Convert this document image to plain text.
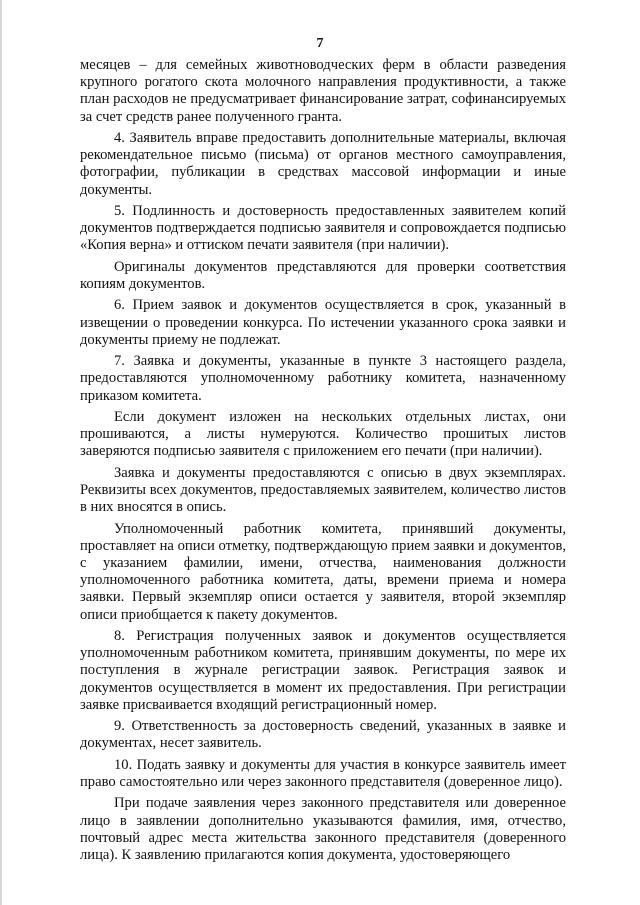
7

месяцев – для семейных животноводческих ферм в области разведения крупного рогатого скота молочного направления продуктивности, а также план расходов не предусматривает финансирование затрат, софинансируемых за счет средств ранее полученного гранта.

4. Заявитель вправе предоставить дополнительные материалы, включая рекомендательное письмо (письма) от органов местного самоуправления, фотографии, публикации в средствах массовой информации и иные документы.

5. Подлинность и достоверность предоставленных заявителем копий документов подтверждается подписью заявителя и сопровождается подписью «Копия верна» и оттиском печати заявителя (при наличии).

Оригиналы документов представляются для проверки соответствия копиям документов.

6. Прием заявок и документов осуществляется в срок, указанный в извещении о проведении конкурса. По истечении указанного срока заявки и документы приему не подлежат.

7. Заявка и документы, указанные в пункте 3 настоящего раздела, предоставляются уполномоченному работнику комитета, назначенному приказом комитета.

Если документ изложен на нескольких отдельных листах, они прошиваются, а листы нумеруются. Количество прошитых листов заверяются подписью заявителя с приложением его печати (при наличии).

Заявка и документы предоставляются с описью в двух экземплярах. Реквизиты всех документов, предоставляемых заявителем, количество листов в них вносятся в опись.

Уполномоченный работник комитета, принявший документы, проставляет на описи отметку, подтверждающую прием заявки и документов, с указанием фамилии, имени, отчества, наименования должности уполномоченного работника комитета, даты, времени приема и номера заявки. Первый экземпляр описи остается у заявителя, второй экземпляр описи приобщается к пакету документов.

8. Регистрация полученных заявок и документов осуществляется уполномоченным работником комитета, принявшим документы, по мере их поступления в журнале регистрации заявок. Регистрация заявок и документов осуществляется в момент их предоставления. При регистрации заявке присваивается входящий регистрационный номер.

9. Ответственность за достоверность сведений, указанных в заявке и документах, несет заявитель.

10. Подать заявку и документы для участия в конкурсе заявитель имеет право самостоятельно или через законного представителя (доверенное лицо).

При подаче заявления через законного представителя или доверенное лицо в заявлении дополнительно указываются фамилия, имя, отчество, почтовый адрес места жительства законного представителя (доверенного лица). К заявлению прилагаются копия документа, удостоверяющего
